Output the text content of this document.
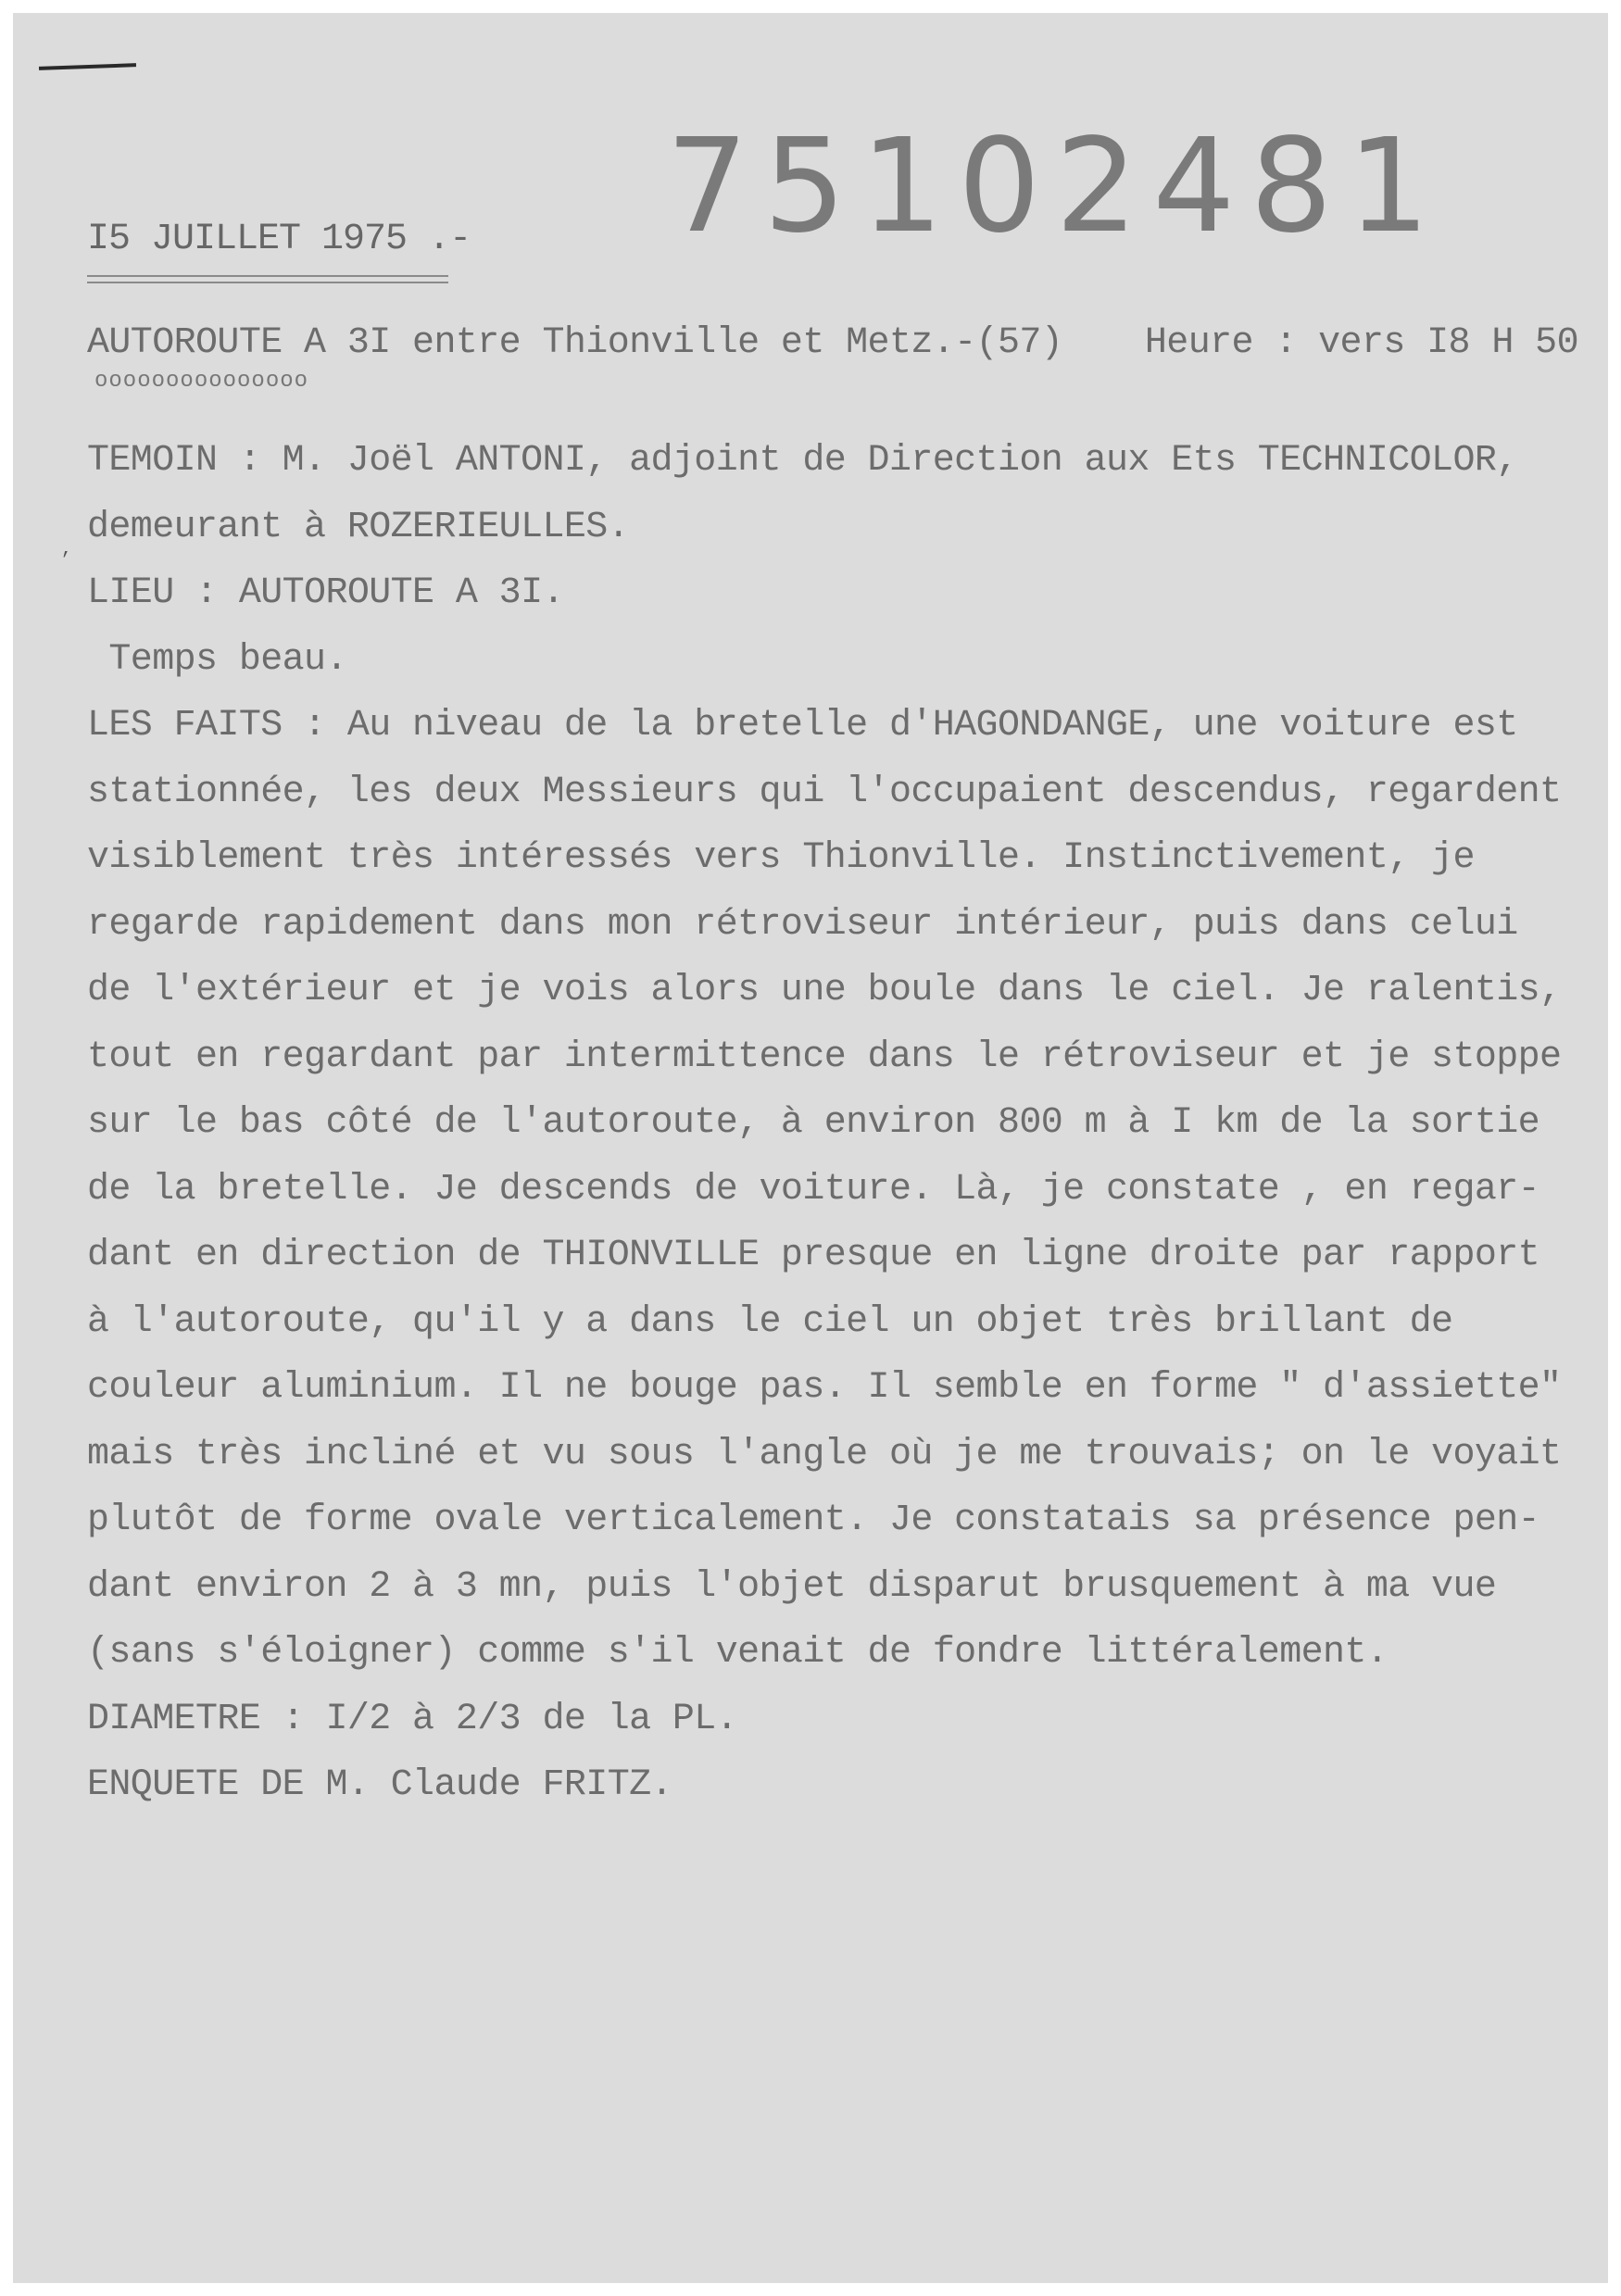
75102481
I5 JUILLET 1975 .-
AUTOROUTE A 3I entre Thionville et Metz.-(57) Heure : vers I8 H 50
ooooooooooooooo
,
TEMOIN : M. Joël ANTONI, adjoint de Direction aux Ets TECHNICOLOR,
demeurant à ROZERIEULLES.
LIEU : AUTOROUTE A 3I.
Temps beau.
LES FAITS : Au niveau de la bretelle d'HAGONDANGE, une voiture est
stationnée, les deux Messieurs qui l'occupaient descendus, regardent
visiblement très intéressés vers Thionville. Instinctivement, je
regarde rapidement dans mon rétroviseur intérieur, puis dans celui
de l'extérieur et je vois alors une boule dans le ciel. Je ralentis,
tout en regardant par intermittence dans le rétroviseur et je stoppe
sur le bas côté de l'autoroute, à environ 800 m à I km de la sortie
de la bretelle. Je descends de voiture. Là, je constate , en regar-
dant en direction de THIONVILLE presque en ligne droite par rapport
à l'autoroute, qu'il y a dans le ciel un objet très brillant de
couleur aluminium. Il ne bouge pas. Il semble en forme " d'assiette"
mais très incliné et vu sous l'angle où je me trouvais; on le voyait
plutôt de forme ovale verticalement. Je constatais sa présence pen-
dant environ 2 à 3 mn, puis l'objet disparut brusquement à ma vue
(sans s'éloigner) comme s'il venait de fondre littéralement.
DIAMETRE : I/2 à 2/3 de la PL.
ENQUETE DE M. Claude FRITZ.
